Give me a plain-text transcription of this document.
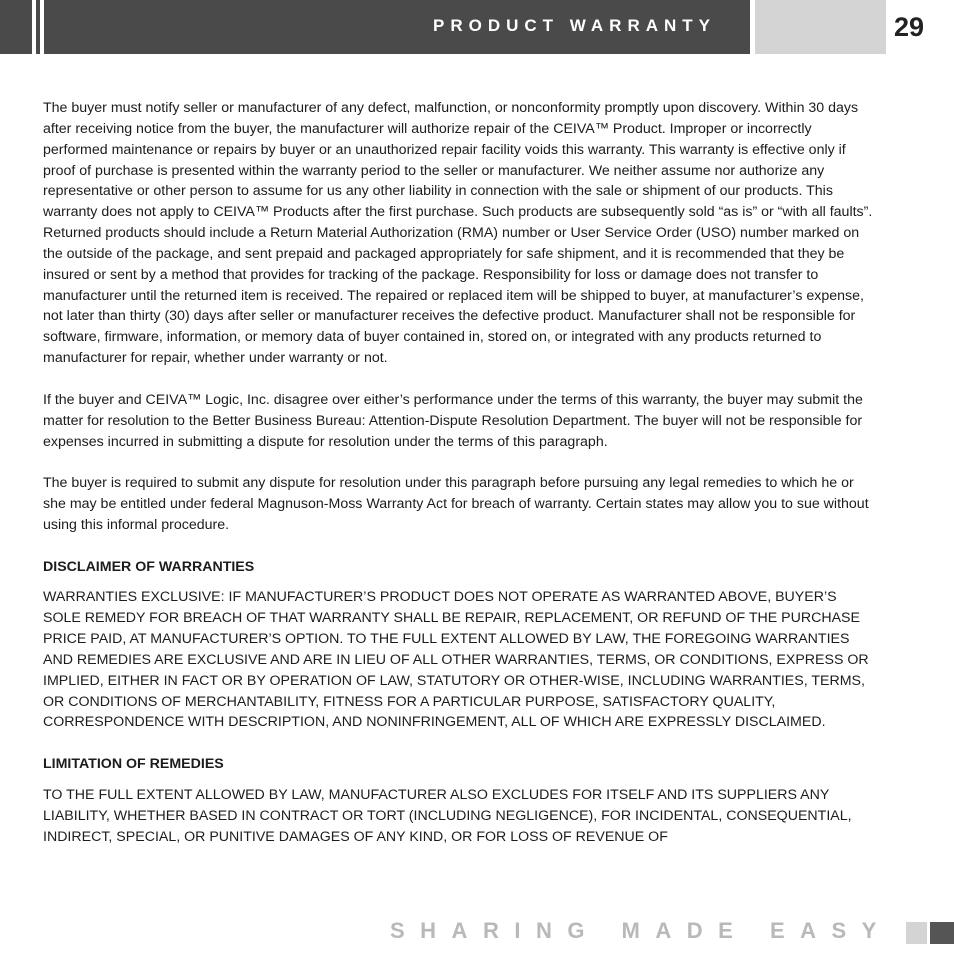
PRODUCT WARRANTY	29

The buyer must notify seller or manufacturer of any defect, malfunction, or nonconformity promptly upon discovery. Within 30 days after receiving notice from the buyer, the manufacturer will authorize repair of the CEIVA™ Product. Improper or incorrectly performed maintenance or repairs by buyer or an unauthorized repair facility voids this warranty. This warranty is effective only if proof of purchase is presented within the warranty period to the seller or manufacturer. We neither assume nor authorize any representative or other person to assume for us any other liability in connection with the sale or shipment of our products. This warranty does not apply to CEIVA™ Products after the first purchase. Such products are subsequently sold “as is” or “with all faults”. Returned products should include a Return Material Authorization (RMA) number or User Service Order (USO) number marked on the outside of the package, and sent prepaid and packaged appropriately for safe shipment, and it is recommended that they be insured or sent by a method that provides for tracking of the package. Responsibility for loss or damage does not transfer to manufacturer until the returned item is received. The repaired or replaced item will be shipped to buyer, at manufacturer’s expense, not later than thirty (30) days after seller or manufacturer receives the defective product. Manufacturer shall not be responsible for software, firmware, information, or memory data of buyer contained in, stored on, or integrated with any products returned to manufacturer for repair, whether under warranty or not.

If the buyer and CEIVA™ Logic, Inc. disagree over either’s performance under the terms of this warranty, the buyer may submit the matter for resolution to the Better Business Bureau: Attention-Dispute Resolution Department. The buyer will not be responsible for expenses incurred in submitting a dispute for resolution under the terms of this paragraph.

The buyer is required to submit any dispute for resolution under this paragraph before pursuing any legal remedies to which he or she may be entitled under federal Magnuson-Moss Warranty Act for breach of warranty. Certain states may allow you to sue without using this informal procedure.

DISCLAIMER OF WARRANTIES

WARRANTIES EXCLUSIVE: IF MANUFACTURER’S PRODUCT DOES NOT OPERATE AS WARRANTED ABOVE, BUYER’S SOLE REMEDY FOR BREACH OF THAT WARRANTY SHALL BE REPAIR, REPLACEMENT, OR REFUND OF THE PURCHASE PRICE PAID, AT MANUFACTURER’S OPTION. TO THE FULL EXTENT ALLOWED BY LAW, THE FOREGOING WARRANTIES AND REMEDIES ARE EXCLUSIVE AND ARE IN LIEU OF ALL OTHER WARRANTIES, TERMS, OR CONDITIONS, EXPRESS OR IMPLIED, EITHER IN FACT OR BY OPERATION OF LAW, STATUTORY OR OTHER-WISE, INCLUDING WARRANTIES, TERMS, OR CONDITIONS OF MERCHANTABILITY, FITNESS FOR A PARTICULAR PURPOSE, SATISFACTORY QUALITY, CORRESPONDENCE WITH DESCRIPTION, AND NONINFRINGEMENT, ALL OF WHICH ARE EXPRESSLY DISCLAIMED.

LIMITATION OF REMEDIES

TO THE FULL EXTENT ALLOWED BY LAW, MANUFACTURER ALSO EXCLUDES FOR ITSELF AND ITS SUPPLIERS ANY LIABILITY, WHETHER BASED IN CONTRACT OR TORT (INCLUDING NEGLIGENCE), FOR INCIDENTAL, CONSEQUENTIAL, INDIRECT, SPECIAL, OR PUNITIVE DAMAGES OF ANY KIND, OR FOR LOSS OF REVENUE OF

SHARING MADE EASY
